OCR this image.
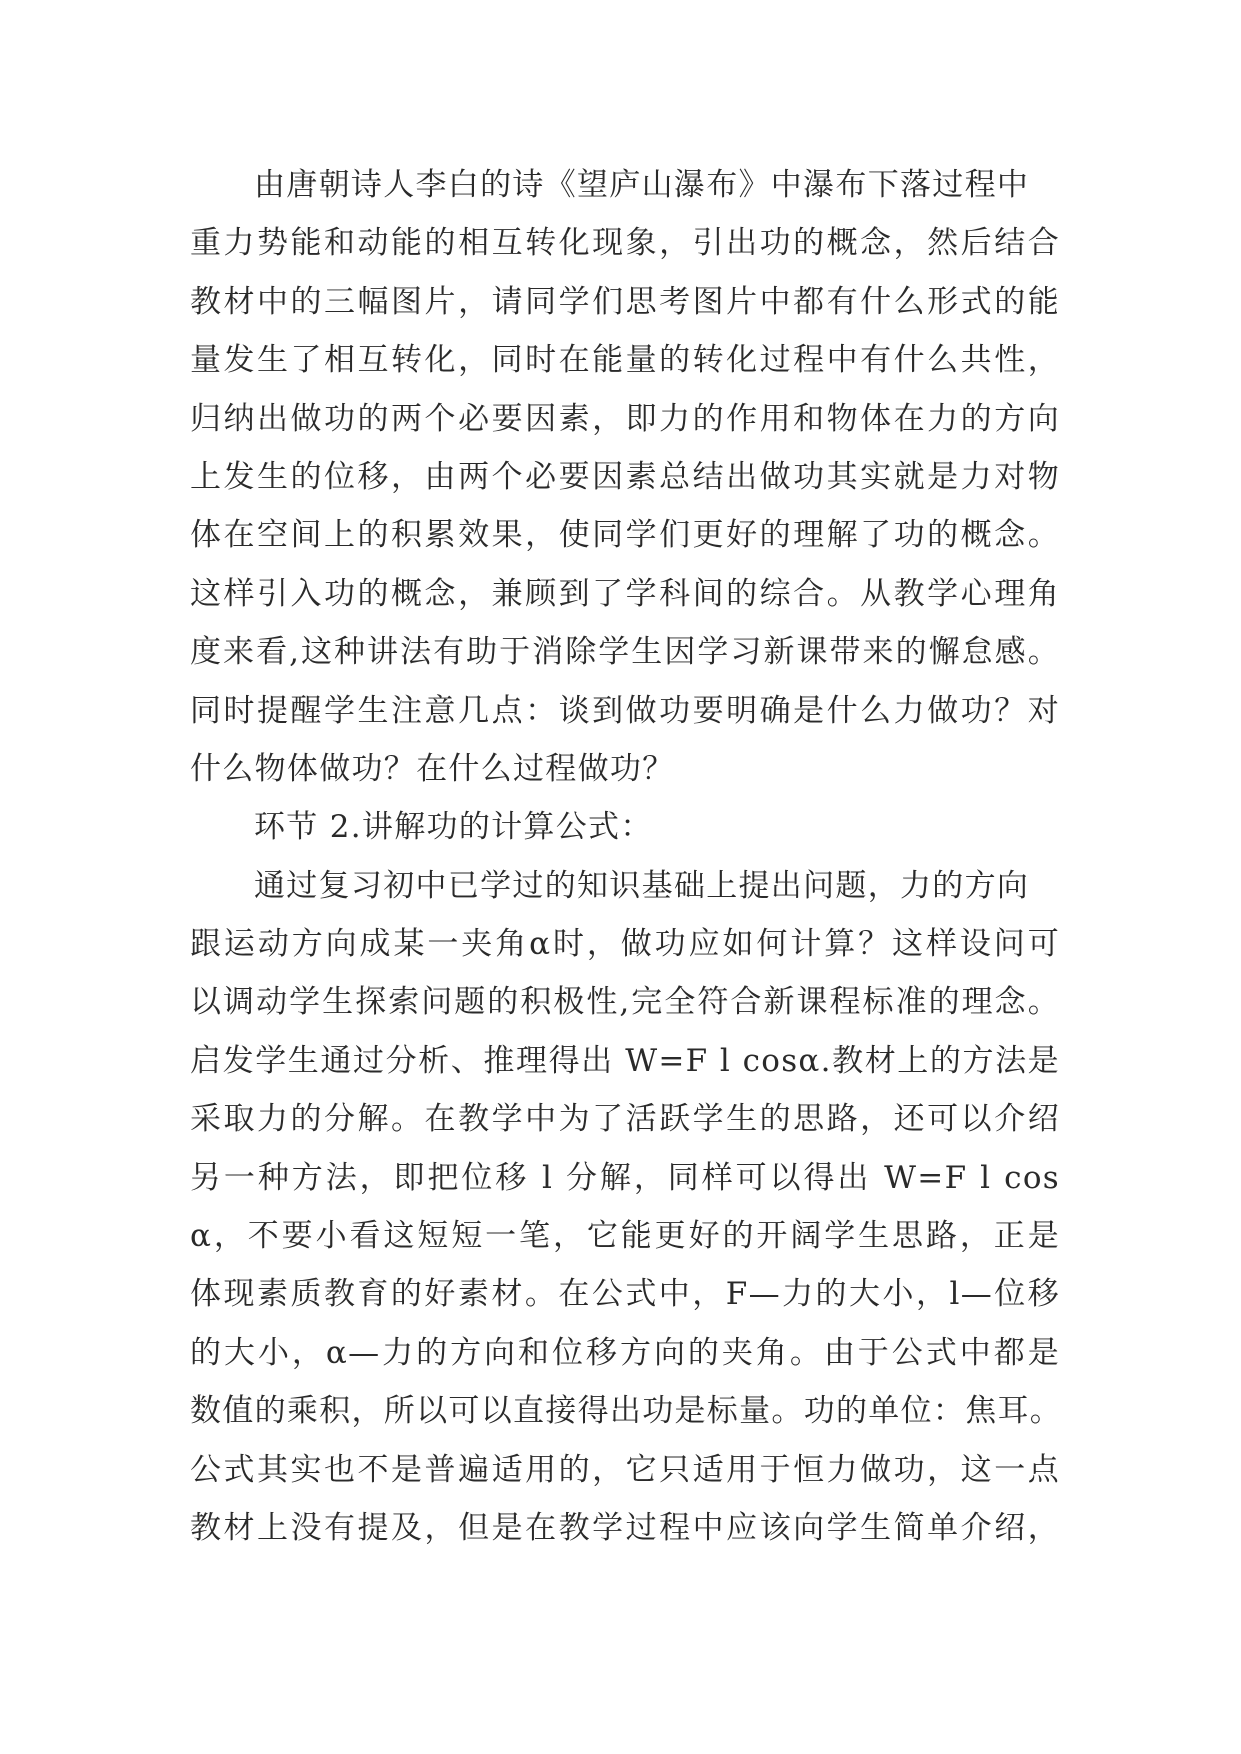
由唐朝诗人李白的诗《望庐山瀑布》中瀑布下落过程中
重力势能和动能的相互转化现象，引出功的概念，然后结合
教材中的三幅图片，请同学们思考图片中都有什么形式的能
量发生了相互转化，同时在能量的转化过程中有什么共性，
归纳出做功的两个必要因素，即力的作用和物体在力的方向
上发生的位移，由两个必要因素总结出做功其实就是力对物
体在空间上的积累效果，使同学们更好的理解了功的概念。
这样引入功的概念，兼顾到了学科间的综合。从教学心理角
度来看,这种讲法有助于消除学生因学习新课带来的懈怠感。
同时提醒学生注意几点：谈到做功要明确是什么力做功？对
什么物体做功？在什么过程做功？
环节 2.讲解功的计算公式：
通过复习初中已学过的知识基础上提出问题，力的方向
跟运动方向成某一夹角α时，做功应如何计算？这样设问可
以调动学生探索问题的积极性,完全符合新课程标准的理念。
启发学生通过分析、推理得出 W=F l cosα.教材上的方法是
采取力的分解。在教学中为了活跃学生的思路，还可以介绍
另一种方法，即把位移 l 分解，同样可以得出 W=F l cos
α，不要小看这短短一笔，它能更好的开阔学生思路，正是
体现素质教育的好素材。在公式中，F—力的大小，l—位移
的大小，α—力的方向和位移方向的夹角。由于公式中都是
数值的乘积，所以可以直接得出功是标量。功的单位：焦耳。
公式其实也不是普遍适用的，它只适用于恒力做功，这一点
教材上没有提及，但是在教学过程中应该向学生简单介绍，
